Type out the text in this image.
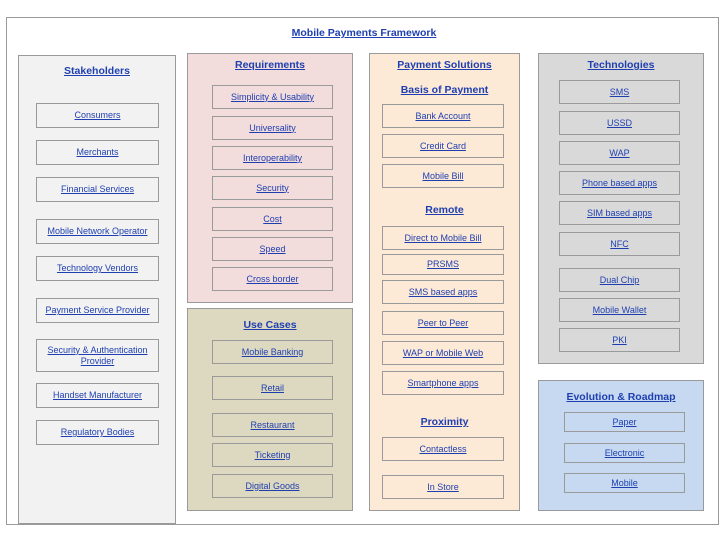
Mobile Payments Framework
Stakeholders
Consumers
Merchants
Financial Services
Mobile Network Operator
Technology Vendors
Payment Service Provider
Security & Authentication Provider
Handset Manufacturer
Regulatory Bodies
Requirements
Simplicity & Usability
Universality
Interoperability
Security
Cost
Speed
Cross border
Use Cases
Mobile Banking
Retail
Restaurant
Ticketing
Digital Goods
Payment Solutions
Basis of Payment
Bank Account
Credit Card
Mobile Bill
Remote
Direct to Mobile Bill
PRSMS
SMS based apps
Peer to Peer
WAP or Mobile Web
Smartphone apps
Proximity
Contactless
In Store
Technologies
SMS
USSD
WAP
Phone based apps
SIM based apps
NFC
Dual Chip
Mobile Wallet
PKI
Evolution & Roadmap
Paper
Electronic
Mobile
